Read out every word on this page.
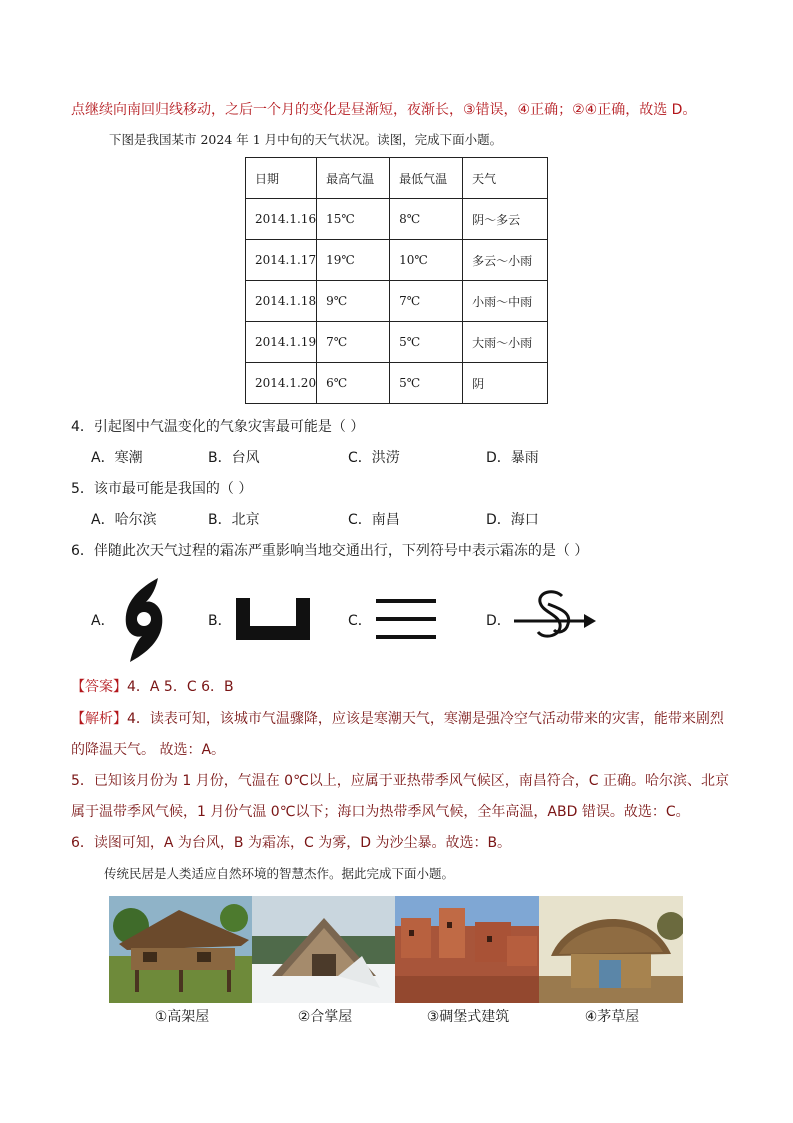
点继续向南回归线移动，之后一个月的变化是昼渐短，夜渐长，③错误，④正确；②④正确，故选 D。
下图是我国某市 2024 年 1 月中旬的天气状况。读图，完成下面小题。
日期	最高气温	最低气温	天气
2014.1.16	15℃	8℃	阴～多云
2014.1.17	19℃	10℃	多云～小雨
2014.1.18	9℃	7℃	小雨～中雨
2014.1.19	7℃	5℃	大雨～小雨
2014.1.20	6℃	5℃	阴
4．引起图中气温变化的气象灾害最可能是（ ）
A．寒潮	B．台风	C．洪涝	D．暴雨
5．该市最可能是我国的（ ）
A．哈尔滨	B．北京	C．南昌	D．海口
6．伴随此次天气过程的霜冻严重影响当地交通出行，下列符号中表示霜冻的是（ ）
A．	B．	C．	D．
【答案】4．A 5．C 6．B
【解析】4．读表可知，该城市气温骤降，应该是寒潮天气，寒潮是强冷空气活动带来的灾害，能带来剧烈
的降温天气。 故选：A。
5．已知该月份为 1 月份，气温在 0℃以上，应属于亚热带季风气候区，南昌符合，C 正确。哈尔滨、北京
属于温带季风气候，1 月份气温 0℃以下；海口为热带季风气候，全年高温，ABD 错误。故选：C。
6．读图可知，A 为台风，B 为霜冻，C 为雾，D 为沙尘暴。故选：B。
传统民居是人类适应自然环境的智慧杰作。据此完成下面小题。
①高架屋	②合掌屋	③碉堡式建筑	④茅草屋
